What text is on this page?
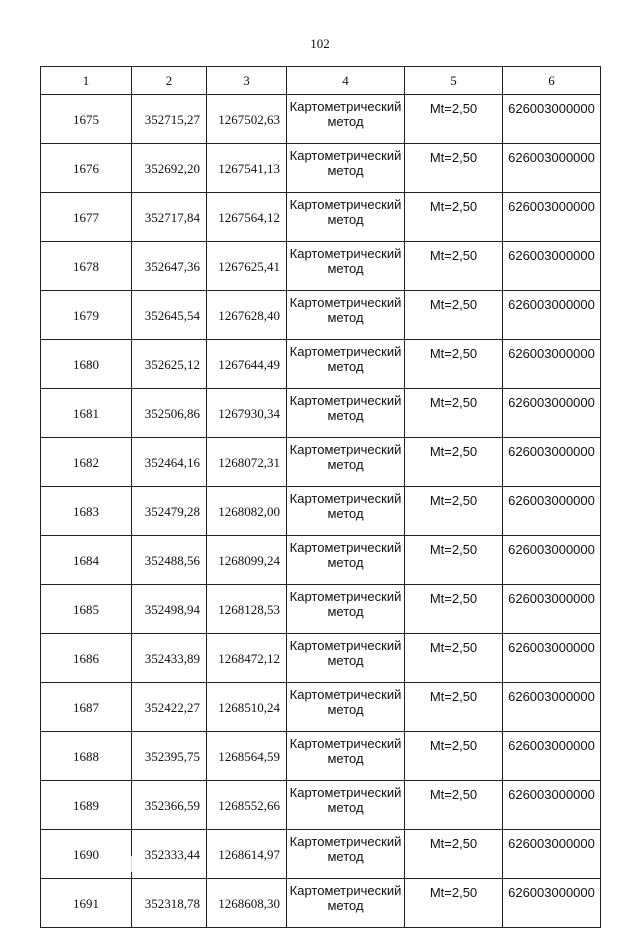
102
1	2	3	4	5	6
1675	352715,27	1267502,63	Картометрический метод	Mt=2,50	626003000000
1676	352692,20	1267541,13	Картометрический метод	Mt=2,50	626003000000
1677	352717,84	1267564,12	Картометрический метод	Mt=2,50	626003000000
1678	352647,36	1267625,41	Картометрический метод	Mt=2,50	626003000000
1679	352645,54	1267628,40	Картометрический метод	Mt=2,50	626003000000
1680	352625,12	1267644,49	Картометрический метод	Mt=2,50	626003000000
1681	352506,86	1267930,34	Картометрический метод	Mt=2,50	626003000000
1682	352464,16	1268072,31	Картометрический метод	Mt=2,50	626003000000
1683	352479,28	1268082,00	Картометрический метод	Mt=2,50	626003000000
1684	352488,56	1268099,24	Картометрический метод	Mt=2,50	626003000000
1685	352498,94	1268128,53	Картометрический метод	Mt=2,50	626003000000
1686	352433,89	1268472,12	Картометрический метод	Mt=2,50	626003000000
1687	352422,27	1268510,24	Картометрический метод	Mt=2,50	626003000000
1688	352395,75	1268564,59	Картометрический метод	Mt=2,50	626003000000
1689	352366,59	1268552,66	Картометрический метод	Mt=2,50	626003000000
1690	352333,44	1268614,97	Картометрический метод	Mt=2,50	626003000000
1691	352318,78	1268608,30	Картометрический метод	Mt=2,50	626003000000
